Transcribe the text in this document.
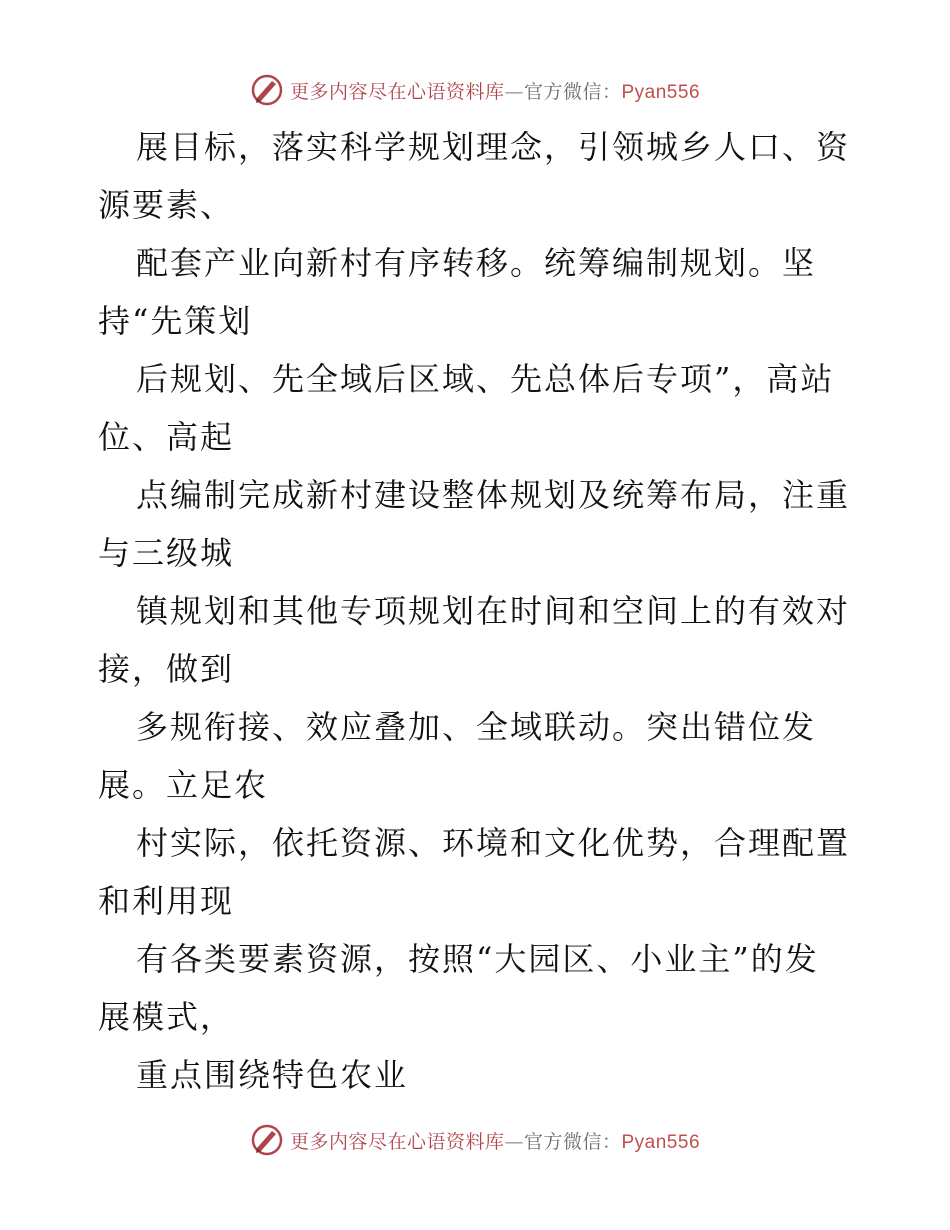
更多内容尽在心语资料库—官方微信：Pyan556

展目标，落实科学规划理念，引领城乡人口、资
源要素、

配套产业向新村有序转移。统筹编制规划。坚
持“先策划

后规划、先全域后区域、先总体后专项”，高站
位、高起

点编制完成新村建设整体规划及统筹布局，注重
与三级城

镇规划和其他专项规划在时间和空间上的有效对
接，做到

多规衔接、效应叠加、全域联动。突出错位发
展。立足农

村实际，依托资源、环境和文化优势，合理配置
和利用现

有各类要素资源，按照“大园区、小业主”的发
展模式，

重点围绕特色农业

更多内容尽在心语资料库—官方微信：Pyan556
